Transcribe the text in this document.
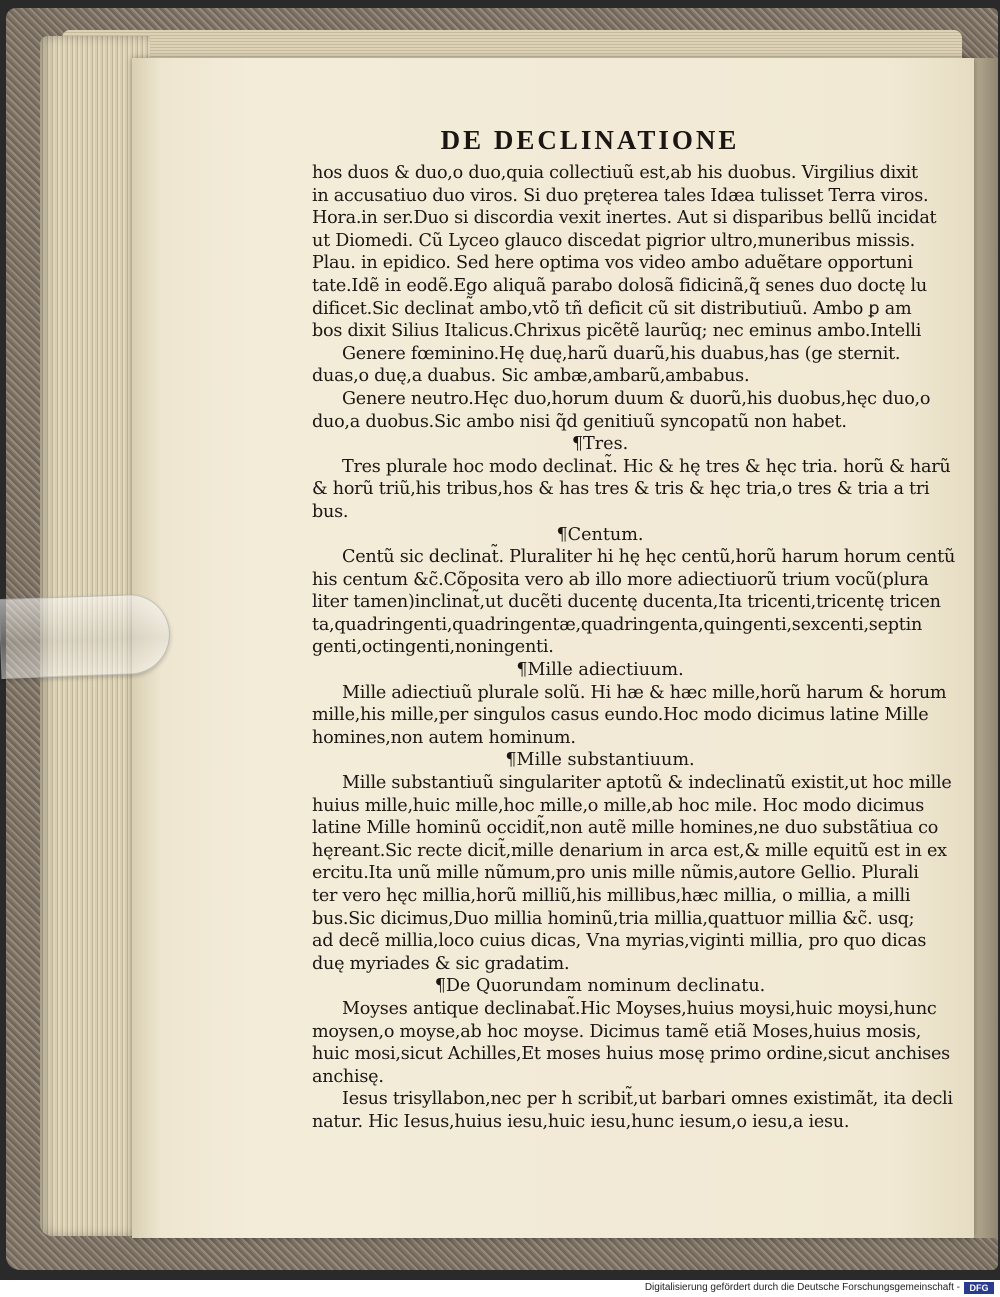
DE DECLINATIONE
hos duos & duo,o duo,quia collectiuũ est,ab his duobus. Virgilius dixit
in accusatiuo duo viros. Si duo pręterea tales Idæa tulisset Terra viros.
Hora.in ser.Duo si discordia vexit inertes. Aut si disparibus bellũ incidat
ut Diomedi. Cũ Lyceo glauco discedat pigrior ultro,muneribus missis.
Plau. in epidico. Sed here optima vos video ambo aduẽtare opportuni
tate.Idẽ in eodẽ.Ego aliquã parabo dolosã fidicinã,q̃ senes duo doctę lu
dificet.Sic declinat̃ ambo,vtõ tñ deficit cũ sit distributiuũ. Ambo ꝑ am
bos dixit Silius Italicus.Chrixus picẽtẽ laurũq; nec eminus ambo.Intelli
Genere fœminino.Hę duę,harũ duarũ,his duabus,has (ge sternit.
duas,o duę,a duabus. Sic ambæ,ambarũ,ambabus.
Genere neutro.Hęc duo,horum duum & duorũ,his duobus,hęc duo,o
duo,a duobus.Sic ambo nisi q̃d genitiuũ syncopatũ non habet.
¶Tres.
Tres plurale hoc modo declinat̃. Hic & hę tres & hęc tria. horũ & harũ
& horũ triũ,his tribus,hos & has tres & tris & hęc tria,o tres & tria a tri
bus.
¶Centum.
Centũ sic declinat̃. Pluraliter hi hę hęc centũ,horũ harum horum centũ
his centum &c̃.Cõposita vero ab illo more adiectiuorũ trium vocũ(plura
liter tamen)inclinat̃,ut ducẽti ducentę ducenta,Ita tricenti,tricentę tricen
ta,quadringenti,quadringentæ,quadringenta,quingenti,sexcenti,septin
genti,octingenti,noningenti.
¶Mille adiectiuum.
Mille adiectiuũ plurale solũ. Hi hæ & hæc mille,horũ harum & horum
mille,his mille,per singulos casus eundo.Hoc modo dicimus latine Mille
homines,non autem hominum.
¶Mille substantiuum.
Mille substantiuũ singulariter aptotũ & indeclinatũ existit,ut hoc mille
huius mille,huic mille,hoc mille,o mille,ab hoc mile. Hoc modo dicimus
latine Mille hominũ occidit̃,non autẽ mille homines,ne duo substãtiua co
hęreant.Sic recte dicit̃,mille denarium in arca est,& mille equitũ est in ex
ercitu.Ita unũ mille nũmum,pro unis mille nũmis,autore Gellio. Plurali
ter vero hęc millia,horũ milliũ,his millibus,hæc millia, o millia, a milli
bus.Sic dicimus,Duo millia hominũ,tria millia,quattuor millia &c̃. usq;
ad decẽ millia,loco cuius dicas, Vna myrias,viginti millia, pro quo dicas
duę myriades & sic gradatim.
¶De Quorundam nominum declinatu.
Moyses antique declinabat̃.Hic Moyses,huius moysi,huic moysi,hunc
moysen,o moyse,ab hoc moyse. Dicimus tamẽ etiã Moses,huius mosis,
huic mosi,sicut Achilles,Et moses huius mosę primo ordine,sicut anchises
anchisę.
Iesus trisyllabon,nec per h scribit̃,ut barbari omnes existimãt, ita decli
natur. Hic Iesus,huius iesu,huic iesu,hunc iesum,o iesu,a iesu.
Digitalisierung gefördert durch die Deutsche Forschungsgemeinschaft -	DFG
